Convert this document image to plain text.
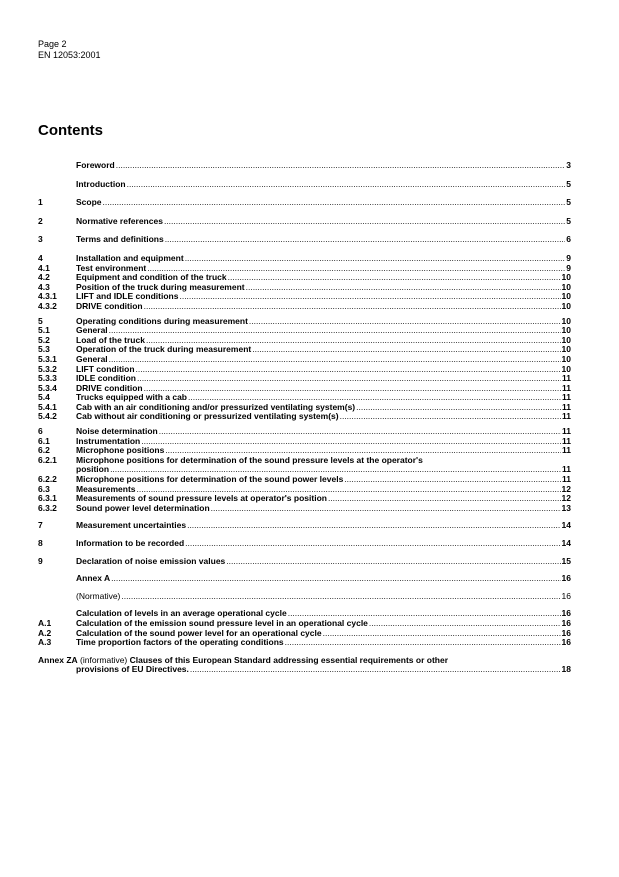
Page 2
EN 12053:2001
Contents
Foreword .....	3
Introduction .....	5
1	Scope .....	5
2	Normative references .....	5
3	Terms and definitions .....	6
4	Installation and equipment .....	9
4.1	Test environment .....	9
4.2	Equipment and condition of the truck .....	10
4.3	Position of the truck during measurement .....	10
4.3.1	LIFT and IDLE conditions .....	10
4.3.2	DRIVE condition .....	10
5	Operating conditions during measurement .....	10
5.1	General .....	10
5.2	Load of the truck .....	10
5.3	Operation of the truck during measurement .....	10
5.3.1	General .....	10
5.3.2	LIFT condition .....	10
5.3.3	IDLE condition .....	11
5.3.4	DRIVE condition .....	11
5.4	Trucks equipped with a cab .....	11
5.4.1	Cab with an air conditioning and/or pressurized ventilating system(s) .....	11
5.4.2	Cab without air conditioning or pressurized ventilating system(s) .....	11
6	Noise determination .....	11
6.1	Instrumentation .....	11
6.2	Microphone positions .....	11
6.2.1	Microphone positions for determination of the sound pressure levels at the operator's
position .....	11
6.2.2	Microphone positions for determination of the sound power levels .....	11
6.3	Measurements .....	12
6.3.1	Measurements of sound pressure levels at operator's position .....	12
6.3.2	Sound power level determination .....	13
7	Measurement uncertainties .....	14
8	Information to be recorded .....	14
9	Declaration of noise emission values .....	15
Annex A .....	16
(Normative) .....	16
Calculation of levels in an average operational cycle .....	16
A.1	Calculation of the emission sound pressure level in an operational cycle .....	16
A.2	Calculation of the sound power level for an operational cycle .....	16
A.3	Time proportion factors of the operating conditions .....	16
Annex ZA (informative) Clauses of this European Standard addressing essential requirements or other
provisions of EU Directives. .....	18
